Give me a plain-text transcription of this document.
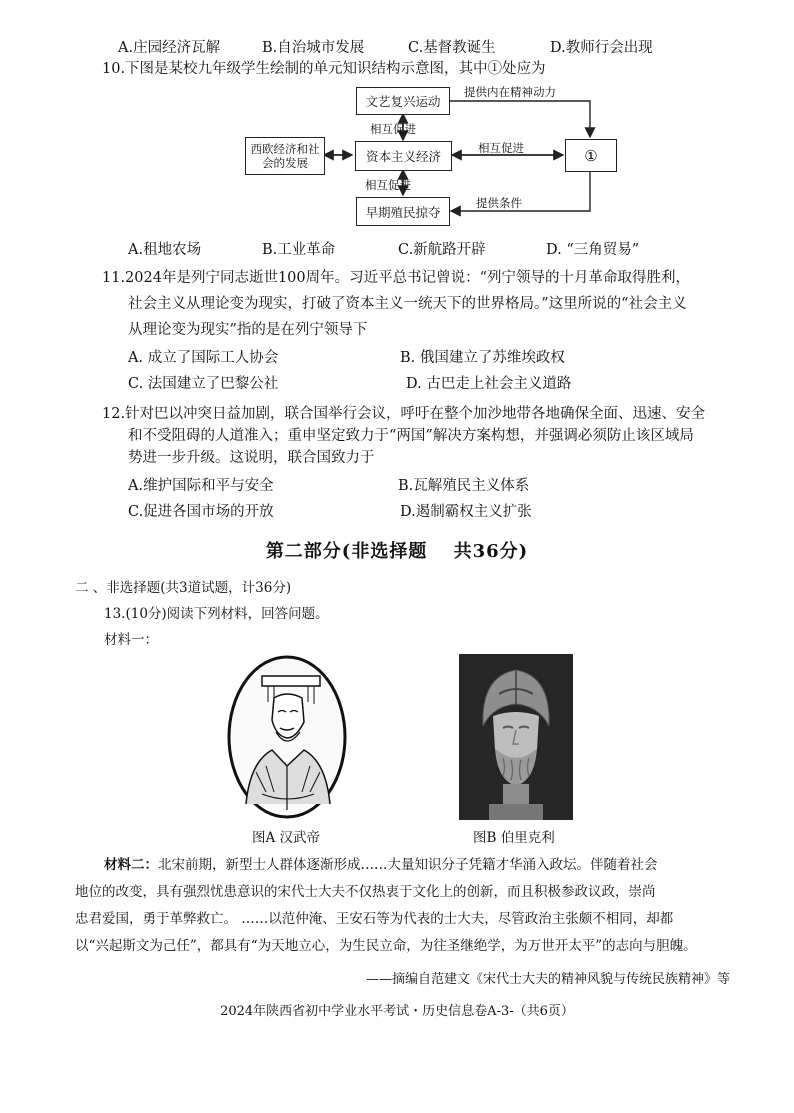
A.庄园经济瓦解	B.自治城市发展	C.基督教诞生	D.教师行会出现
10.下图是某校九年级学生绘制的单元知识结构示意图，其中①处应为
文艺复兴运动
西欧经济和社会的发展	资本主义经济
早期殖民掠夺
①
提供内在精神动力
相互促进
相互促进
相互促进
提供条件
A.租地农场	B.工业革命	C.新航路开辟	D. “三角贸易”
11.2024年是列宁同志逝世100周年。习近平总书记曾说：“列宁领导的十月革命取得胜利，
社会主义从理论变为现实，打破了资本主义一统天下的世界格局。”这里所说的“社会主义
从理论变为现实”指的是在列宁领导下
A. 成立了国际工人协会	B. 俄国建立了苏维埃政权
C. 法国建立了巴黎公社	D. 古巴走上社会主义道路
12.针对巴以冲突日益加剧，联合国举行会议，呼吁在整个加沙地带各地确保全面、迅速、安全
和不受阻碍的人道准入；重申坚定致力于“两国”解决方案构想，并强调必须防止该区域局
势进一步升级。这说明，联合国致力于
A.维护国际和平与安全	B.瓦解殖民主义体系
C.促进各国市场的开放	D.遏制霸权主义扩张
第二部分(非选择题　 共36分)
二 、非选择题(共3道试题，计36分)
13.(10分)阅读下列材料，回答问题。
材料一：
图A 汉武帝	图B 伯里克利
材料二：北宋前期，新型士人群体逐渐形成……大量知识分子凭籍才华涌入政坛。伴随着社会
地位的改变，具有强烈忧患意识的宋代士大夫不仅热衷于文化上的创新，而且积极参政议政，崇尚
忠君爱国，勇于革弊救亡。 ……以范仲淹、王安石等为代表的士大夫，尽管政治主张颇不相同，却都
以“兴起斯文为己任”，都具有“为天地立心，为生民立命，为往圣继绝学，为万世开太平”的志向与胆魄。
——摘编自范建文《宋代士大夫的精神风貌与传统民族精神》等
2024年陕西省初中学业水平考试・历史信息卷A-3-（共6页）
